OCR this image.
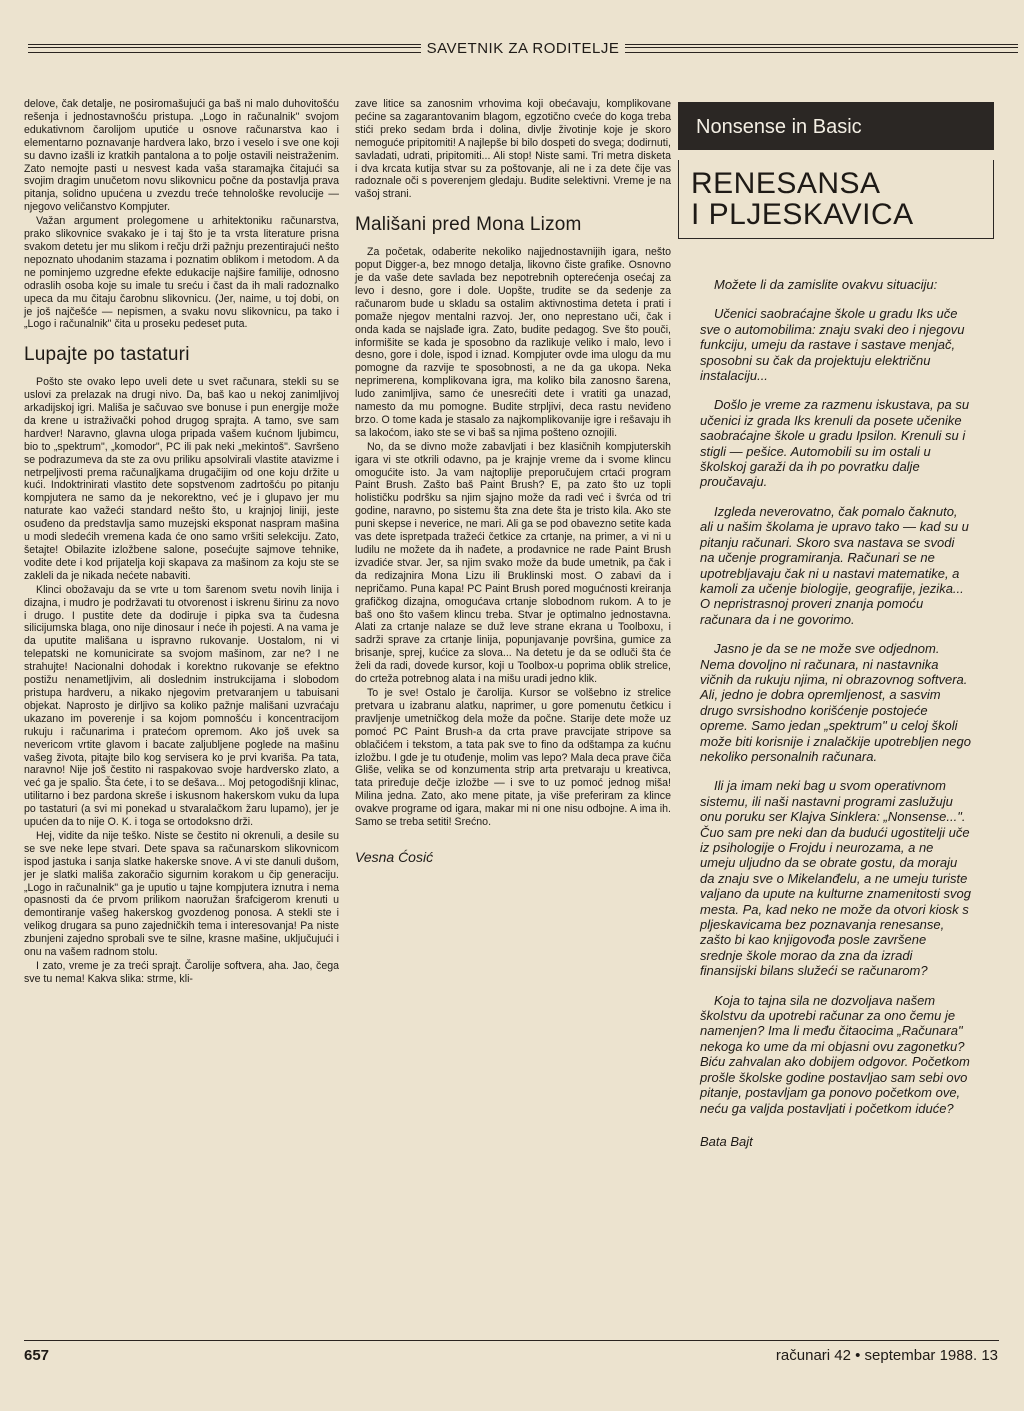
SAVETNIK ZA RODITELJE

delove, čak detalje, ne posiromašujući ga baš ni malo duhovitošću rešenja i jednostavnošću pristupa. „Logo in računalnik" svojom edukativnom čarolijom uputiće u osnove računarstva kao i elementarno poznavanje hardvera lako, brzo i veselo i sve one koji su davno izašli iz kratkih pantalona a to polje ostavili neistraženim. Zato nemojte pasti u nesvest kada vaša staramajka čitajući sa svojim dragim unučetom novu slikovnicu počne da postavlja prava pitanja, solidno upućena u zvezdu treće tehnološke revolucije — njegovo veličanstvo Kompjuter.

Važan argument prolegomene u arhitektoniku računarstva, prako slikovnice svakako je i taj što je ta vrsta literature prisna svakom detetu jer mu slikom i rečju drži pažnju prezentirajući nešto nepoznato uhodanim stazama i poznatim oblikom i metodom. A da ne pominjemo uzgredne efekte edukacije najšire familije, odnosno odraslih osoba koje su imale tu sreću i čast da ih mali radoznalko upeca da mu čitaju čarobnu slikovnicu. (Jer, naime, u toj dobi, on je još najčešće — nepismen, a svaku novu slikovnicu, pa tako i „Logo i računalnik" čita u proseku pedeset puta.

Lupajte po tastaturi

Pošto ste ovako lepo uveli dete u svet računara, stekli su se uslovi za prelazak na drugi nivo. Da, baš kao u nekoj zanimljivoj arkadijskoj igri. Mališa je sačuvao sve bonuse i pun energije može da krene u istraživački pohod drugog sprajta. A tamo, sve sam hardver! Naravno, glavna uloga pripada vašem kućnom ljubimcu, bio to „spektrum", „komodor", PC ili pak neki „mekintoš". Savršeno se podrazumeva da ste za ovu priliku apsolvirali vlastite atavizme i netrpeljivosti prema računaljkama drugačijim od one koju držite u kući. Indoktrinirati vlastito dete sopstvenom zadrtošću po pitanju kompjutera ne samo da je nekorektno, već je i glupavo jer mu naturate kao važeći standard nešto što, u krajnjoj liniji, jeste osuđeno da predstavlja samo muzejski eksponat naspram mašina u modi sledećih vremena kada će ono samo vršiti selekciju. Zato, šetajte! Obilazite izložbene salone, posećujte sajmove tehnike, vodite dete i kod prijatelja koji skapava za mašinom za koju ste se zakleli da je nikada nećete nabaviti.

Klinci obožavaju da se vrte u tom šarenom svetu novih linija i dizajna, i mudro je podržavati tu otvorenost i iskrenu širinu za novo i drugo. I pustite dete da dodiruje i pipka sva ta čudesna silicijumska blaga, ono nije dinosaur i neće ih pojesti. A na vama je da uputite mališana u ispravno rukovanje. Uostalom, ni vi telepatski ne komunicirate sa svojom mašinom, zar ne? I ne strahujte! Nacionalni dohodak i korektno rukovanje se efektno postižu nenametljivim, ali doslednim instrukcijama i slobodom pristupa hardveru, a nikako njegovim pretvaranjem u tabuisani objekat. Naprosto je dirljivo sa koliko pažnje mališani uzvraćaju ukazano im poverenje i sa kojom pomnošću i koncentracijom rukuju i računarima i pratećom opremom. Ako još uvek sa nevericom vrtite glavom i bacate zaljubljene poglede na mašinu vašeg života, pitajte bilo kog servisera ko je prvi kvariša. Pa tata, naravno! Nije još čestito ni raspakovao svoje hardversko zlato, a već ga je spalio. Šta ćete, i to se dešava... Moj petogodišnji klinac, utilitarno i bez pardona skreše i iskusnom hakerskom vuku da lupa po tastaturi (a svi mi ponekad u stvaralačkom žaru lupamo), jer je upućen da to nije O. K. i toga se ortodoksno drži.

Hej, vidite da nije teško. Niste se čestito ni okrenuli, a desile su se sve neke lepe stvari. Dete spava sa računarskom slikovnicom ispod jastuka i sanja slatke hakerske snove. A vi ste danuli dušom, jer je slatki mališa zakoračio sigurnim korakom u čip generaciju. „Logo in računalnik" ga je uputio u tajne kompjutera iznutra i nema opasnosti da će prvom prilikom naoružan šrafcigerom krenuti u demontiranje vašeg hakerskog gvozdenog ponosa. A stekli ste i velikog drugara sa puno zajedničkih tema i interesovanja! Pa niste zbunjeni zajedno sprobali sve te silne, krasne mašine, uključujući i onu na vašem radnom stolu.

I zato, vreme je za treći sprajt. Čarolije softvera, aha. Jao, čega sve tu nema! Kakva slika: strme, kli-

zave litice sa zanosnim vrhovima koji obećavaju, komplikovane pećine sa zagarantovanim blagom, egzotično cveće do koga treba stići preko sedam brda i dolina, divlje životinje koje je skoro nemoguće pripitomiti! A najlepše bi bilo dospeti do svega; dodirnuti, savladati, udrati, pripitomiti... Ali stop! Niste sami. Tri metra disketa i dva krcata kutija stvar su za poštovanje, ali ne i za dete čije vas radoznale oči s poverenjem gledaju. Budite selektivni. Vreme je na vašoj strani.

Mališani pred Mona Lizom

Za početak, odaberite nekoliko najjednostavnijih igara, nešto poput Digger-a, bez mnogo detalja, likovno čiste grafike. Osnovno je da vaše dete savlada bez nepotrebnih opterećenja osećaj za levo i desno, gore i dole. Uopšte, trudite se da sedenje za računarom bude u skladu sa ostalim aktivnostima deteta i prati i pomaže njegov mentalni razvoj. Jer, ono neprestano uči, čak i onda kada se najslađe igra. Zato, budite pedagog. Sve što pouči, informišite se kada je sposobno da razlikuje veliko i malo, levo i desno, gore i dole, ispod i iznad. Kompjuter ovde ima ulogu da mu pomogne da razvije te sposobnosti, a ne da ga ukopa. Neka neprimerena, komplikovana igra, ma koliko bila zanosno šarena, ludo zanimljiva, samo će unesrećiti dete i vratiti ga unazad, namesto da mu pomogne. Budite strpljivi, deca rastu neviđeno brzo. O tome kada je stasalo za najkomplikovanije igre i rešavaju ih sa lakoćom, iako ste se vi baš sa njima pošteno oznojili.

No, da se divno može zabavljati i bez klasičnih kompjuterskih igara vi ste otkrili odavno, pa je krajnje vreme da i svome klincu omogućite isto. Ja vam najtoplije preporučujem crtaći program Paint Brush. Zašto baš Paint Brush? E, pa zato što uz topli holističku podršku sa njim sjajno može da radi već i švrća od tri godine, naravno, po sistemu šta zna dete šta je tristo kila. Ako ste puni skepse i neverice, ne mari. Ali ga se pod obavezno setite kada vas dete ispretpada tražeći četkice za crtanje, na primer, a vi ni u ludilu ne možete da ih nađete, a prodavnice ne rade Paint Brush izvadiće stvar. Jer, sa njim svako može da bude umetnik, pa čak i da redizajnira Mona Lizu ili Bruklinski most. O zabavi da i nepričamo. Puna kapa! PC Paint Brush pored mogućnosti kreiranja grafičkog dizajna, omogućava crtanje slobodnom rukom. A to je baš ono što vašem klincu treba. Stvar je optimalno jednostavna. Alati za crtanje nalaze se duž leve strane ekrana u Toolboxu, i sadrži sprave za crtanje linija, popunjavanje površina, gumice za brisanje, sprej, kućice za slova... Na detetu je da se odluči šta će želi da radi, dovede kursor, koji u Toolbox-u poprima oblik strelice, do crteža potrebnog alata i na mišu uradi jedno klik.

To je sve! Ostalo je čarolija. Kursor se volšebno iz strelice pretvara u izabranu alatku, naprimer, u gore pomenutu četkicu i pravljenje umetničkog dela može da počne. Starije dete može uz pomoć PC Paint Brush-a da crta prave pravcijate stripove sa oblačićem i tekstom, a tata pak sve to fino da odštampa za kućnu izložbu. I gde je tu otuđenje, molim vas lepo? Mala deca prave čiča Gliše, velika se od konzumenta strip arta pretvaraju u kreativca, tata priređuje dečje izložbe — i sve to uz pomoć jednog miša! Milina jedna. Zato, ako mene pitate, ja više preferiram za klince ovakve programe od igara, makar mi ni one nisu odbojne. A ima ih. Samo se treba setiti! Srećno.

Vesna Ćosić
Nonsense in Basic
RENESANSA
I PLJESKAVICA

Možete li da zamislite ovakvu situaciju:

Učenici saobraćajne škole u gradu Iks uče sve o automobilima: znaju svaki deo i njegovu funkciju, umeju da rastave i sastave menjač, sposobni su čak da projektuju električnu instalaciju...

Došlo je vreme za razmenu iskustava, pa su učenici iz grada Iks krenuli da posete učenike saobraćajne škole u gradu Ipsilon. Krenuli su i stigli — pešice. Automobili su im ostali u školskoj garaži da ih po povratku dalje proučavaju.

Izgleda neverovatno, čak pomalo čaknuto, ali u našim školama je upravo tako — kad su u pitanju računari. Skoro sva nastava se svodi na učenje programiranja. Računari se ne upotrebljavaju čak ni u nastavi matematike, a kamoli za učenje biologije, geografije, jezika... O nepristrasnoj proveri znanja pomoću računara da i ne govorimo.

Jasno je da se ne može sve odjednom. Nema dovoljno ni računara, ni nastavnika vičnih da rukuju njima, ni obrazovnog softvera. Ali, jedno je dobra opremljenost, a sasvim drugo svrsishodno korišćenje postojeće opreme. Samo jedan „spektrum" u celoj školi može biti korisnije i znalačkije upotrebljen nego nekoliko personalnih računara.

Ili ja imam neki bag u svom operativnom sistemu, ili naši nastavni programi zaslužuju onu poruku ser Klajva Sinklera: „Nonsense...". Čuo sam pre neki dan da budući ugostitelji uče iz psihologije o Frojdu i neurozama, a ne umeju uljudno da se obrate gostu, da moraju da znaju sve o Mikelanđelu, a ne umeju turiste valjano da upute na kulturne znamenitosti svog mesta. Pa, kad neko ne može da otvori kiosk s pljeskavicama bez poznavanja renesanse, zašto bi kao knjigovođa posle završene srednje škole morao da zna da izradi finansijski bilans služeći se računarom?

Koja to tajna sila ne dozvoljava našem školstvu da upotrebi računar za ono čemu je namenjen? Ima li među čitaocima „Računara" nekoga ko ume da mi objasni ovu zagonetku? Biću zahvalan ako dobijem odgovor. Početkom prošle školske godine postavljao sam sebi ovo pitanje, postavljam ga ponovo početkom ove, neću ga valjda postavljati i početkom iduće?

Bata Bajt
657	računari 42 • septembar 1988. 13
